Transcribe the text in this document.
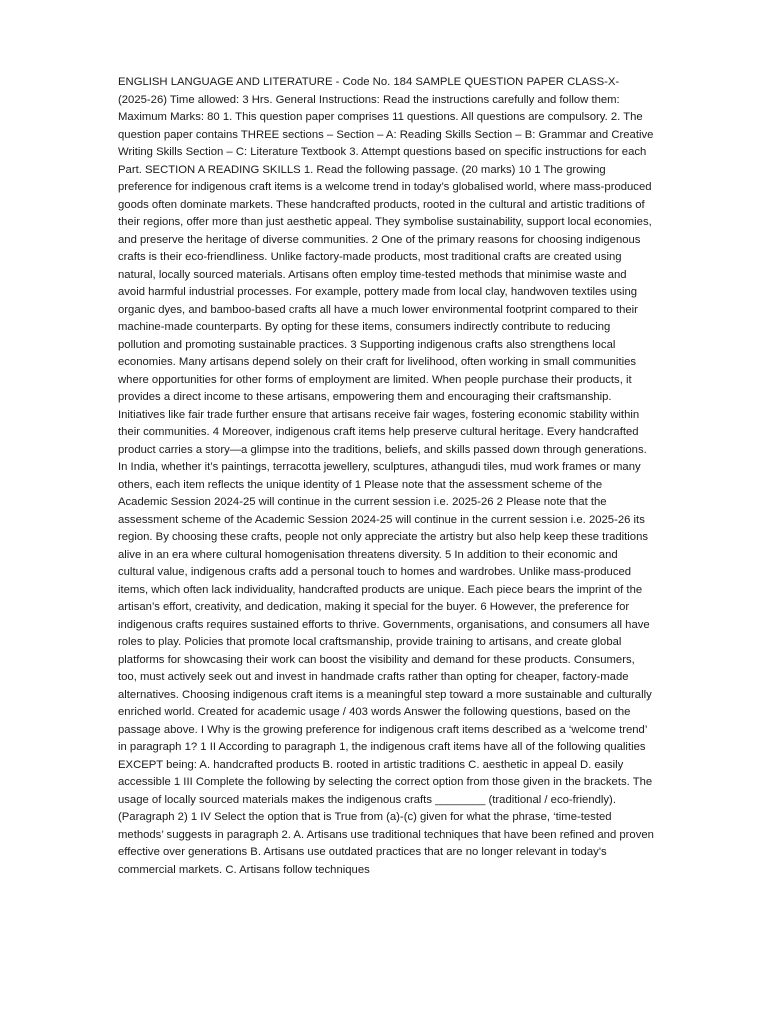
ENGLISH LANGUAGE AND LITERATURE - Code No. 184 SAMPLE QUESTION PAPER CLASS-X- (2025-26) Time allowed: 3 Hrs. General Instructions: Read the instructions carefully and follow them: Maximum Marks: 80 1. This question paper comprises 11 questions. All questions are compulsory. 2. The question paper contains THREE sections – Section – A: Reading Skills Section – B: Grammar and Creative Writing Skills Section – C: Literature Textbook 3. Attempt questions based on specific instructions for each Part. SECTION A READING SKILLS 1. Read the following passage. (20 marks) 10 1 The growing preference for indigenous craft items is a welcome trend in today’s globalised world, where mass-produced goods often dominate markets. These handcrafted products, rooted in the cultural and artistic traditions of their regions, offer more than just aesthetic appeal. They symbolise sustainability, support local economies, and preserve the heritage of diverse communities. 2 One of the primary reasons for choosing indigenous crafts is their eco-friendliness. Unlike factory-made products, most traditional crafts are created using natural, locally sourced materials. Artisans often employ time-tested methods that minimise waste and avoid harmful industrial processes. For example, pottery made from local clay, handwoven textiles using organic dyes, and bamboo-based crafts all have a much lower environmental footprint compared to their machine-made counterparts. By opting for these items, consumers indirectly contribute to reducing pollution and promoting sustainable practices. 3 Supporting indigenous crafts also strengthens local economies. Many artisans depend solely on their craft for livelihood, often working in small communities where opportunities for other forms of employment are limited. When people purchase their products, it provides a direct income to these artisans, empowering them and encouraging their craftsmanship. Initiatives like fair trade further ensure that artisans receive fair wages, fostering economic stability within their communities. 4 Moreover, indigenous craft items help preserve cultural heritage. Every handcrafted product carries a story—a glimpse into the traditions, beliefs, and skills passed down through generations. In India, whether it’s paintings, terracotta jewellery, sculptures, athangudi tiles, mud work frames or many others, each item reflects the unique identity of 1 Please note that the assessment scheme of the Academic Session 2024-25 will continue in the current session i.e. 2025-26 2 Please note that the assessment scheme of the Academic Session 2024-25 will continue in the current session i.e. 2025-26 its region. By choosing these crafts, people not only appreciate the artistry but also help keep these traditions alive in an era where cultural homogenisation threatens diversity. 5 In addition to their economic and cultural value, indigenous crafts add a personal touch to homes and wardrobes. Unlike mass-produced items, which often lack individuality, handcrafted products are unique. Each piece bears the imprint of the artisan’s effort, creativity, and dedication, making it special for the buyer. 6 However, the preference for indigenous crafts requires sustained efforts to thrive. Governments, organisations, and consumers all have roles to play. Policies that promote local craftsmanship, provide training to artisans, and create global platforms for showcasing their work can boost the visibility and demand for these products. Consumers, too, must actively seek out and invest in handmade crafts rather than opting for cheaper, factory-made alternatives. Choosing indigenous craft items is a meaningful step toward a more sustainable and culturally enriched world. Created for academic usage / 403 words Answer the following questions, based on the passage above. I Why is the growing preference for indigenous craft items described as a ‘welcome trend’ in paragraph 1? 1 II According to paragraph 1, the indigenous craft items have all of the following qualities EXCEPT being: A. handcrafted products B. rooted in artistic traditions C. aesthetic in appeal D. easily accessible 1 III Complete the following by selecting the correct option from those given in the brackets. The usage of locally sourced materials makes the indigenous crafts ________ (traditional / eco-friendly). (Paragraph 2) 1 IV Select the option that is True from (a)-(c) given for what the phrase, ‘time-tested methods’ suggests in paragraph 2. A. Artisans use traditional techniques that have been refined and proven effective over generations B. Artisans use outdated practices that are no longer relevant in today's commercial markets. C. Artisans follow techniques
